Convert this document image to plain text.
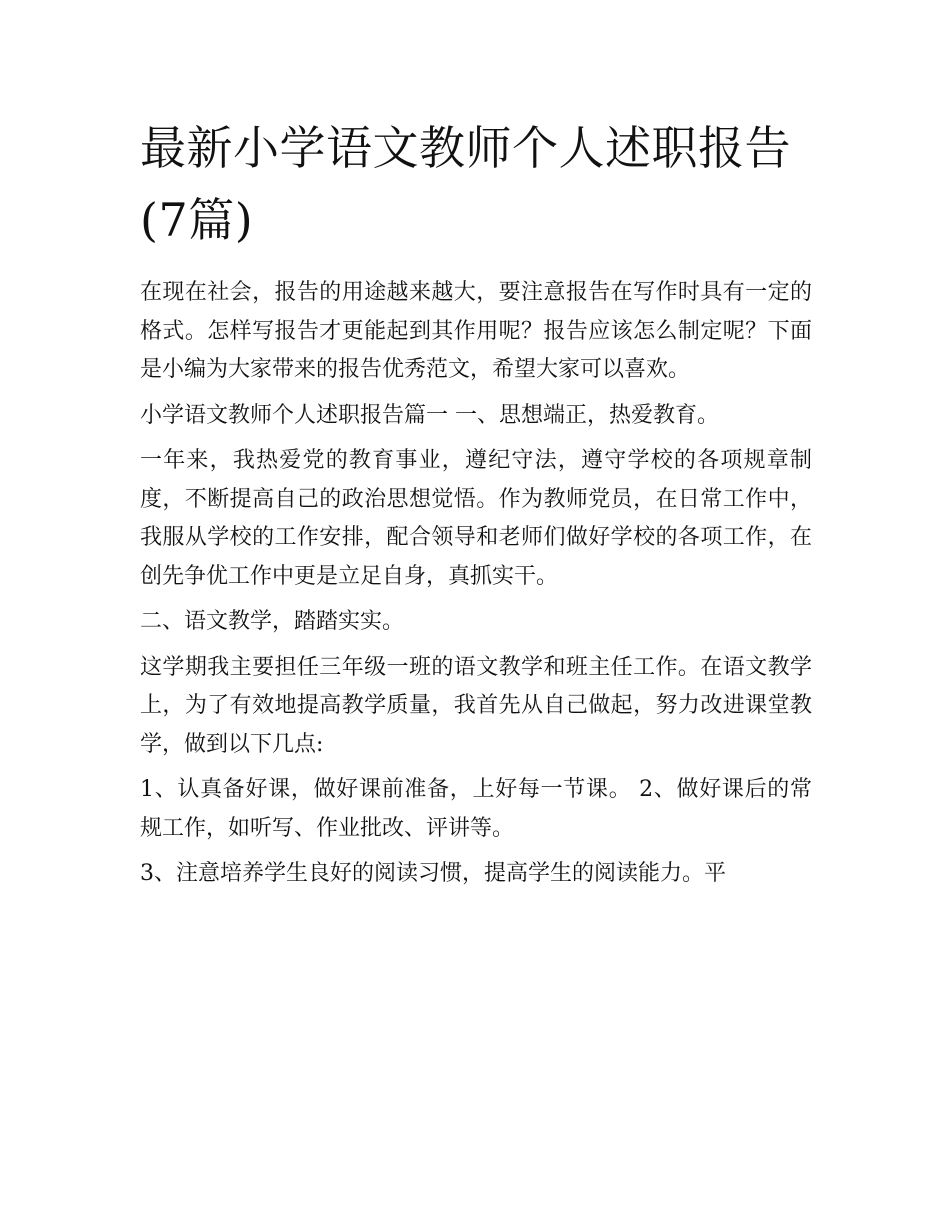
最新小学语文教师个人述职报告(7篇)

在现在社会，报告的用途越来越大，要注意报告在写作时具有一定的格式。怎样写报告才更能起到其作用呢？报告应该怎么制定呢？下面是小编为大家带来的报告优秀范文，希望大家可以喜欢。

小学语文教师个人述职报告篇一 一、思想端正，热爱教育。

一年来，我热爱党的教育事业，遵纪守法，遵守学校的各项规章制度，不断提高自己的政治思想觉悟。作为教师党员，在日常工作中，我服从学校的工作安排，配合领导和老师们做好学校的各项工作，在创先争优工作中更是立足自身，真抓实干。

二、语文教学，踏踏实实。

这学期我主要担任三年级一班的语文教学和班主任工作。在语文教学上，为了有效地提高教学质量，我首先从自己做起，努力改进课堂教学，做到以下几点:

1、认真备好课，做好课前准备，上好每一节课。 2、做好课后的常规工作，如听写、作业批改、评讲等。

3、注意培养学生良好的阅读习惯，提高学生的阅读能力。平
